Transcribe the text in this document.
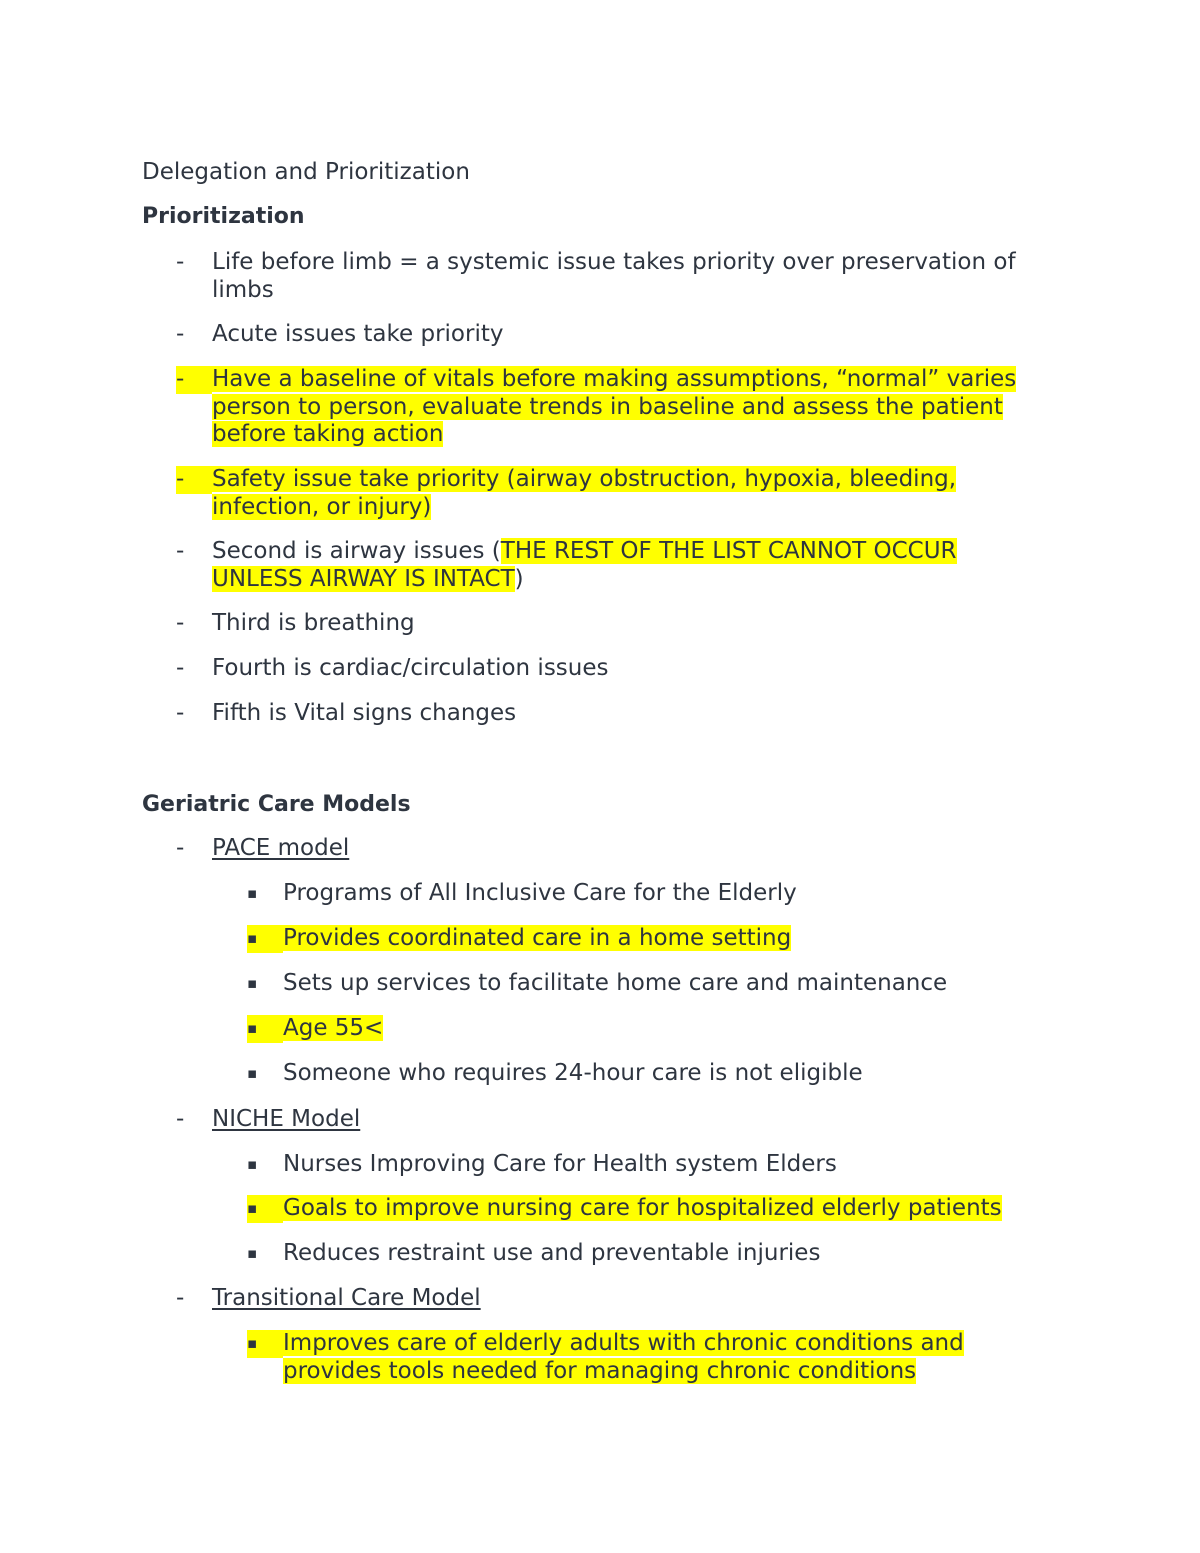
Delegation and Prioritization
Prioritization
-	Life before limb = a systemic issue takes priority over preservation of limbs
-	Acute issues take priority
-	Have a baseline of vitals before making assumptions, “normal” varies person to person, evaluate trends in baseline and assess the patient before taking action
-	Safety issue take priority (airway obstruction, hypoxia, bleeding, infection, or injury)
-	Second is airway issues (THE REST OF THE LIST CANNOT OCCUR UNLESS AIRWAY IS INTACT)
-	Third is breathing
-	Fourth is cardiac/circulation issues
-	Fifth is Vital signs changes
Geriatric Care Models
-	PACE model
▪	Programs of All Inclusive Care for the Elderly
▪	Provides coordinated care in a home setting
▪	Sets up services to facilitate home care and maintenance
▪	Age 55<
▪	Someone who requires 24-hour care is not eligible
-	NICHE Model
▪	Nurses Improving Care for Health system Elders
▪	Goals to improve nursing care for hospitalized elderly patients
▪	Reduces restraint use and preventable injuries
-	Transitional Care Model
▪	Improves care of elderly adults with chronic conditions and provides tools needed for managing chronic conditions
